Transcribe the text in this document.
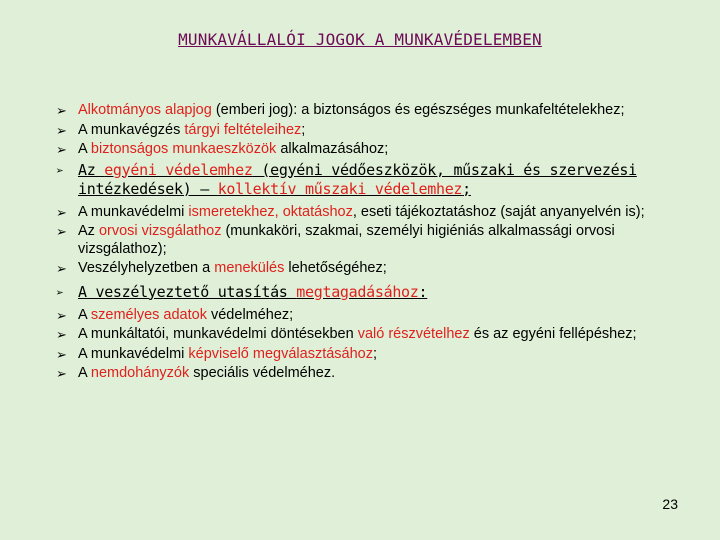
MUNKAVÁLLALÓI JOGOK A MUNKAVÉDELEMBEN
➢ Alkotmányos alapjog (emberi jog): a biztonságos és egészséges munkafeltételekhez;
➢ A munkavégzés tárgyi feltételeihez;
➢ A biztonságos munkaeszközök alkalmazásához;
➢ Az egyéni védelemhez (egyéni védőeszközök, műszaki és szervezési intézkedések) – kollektív műszaki védelemhez;
➢ A munkavédelmi ismeretekhez, oktatáshoz, eseti tájékoztatáshoz (saját anyanyelvén is);
➢ Az orvosi vizsgálathoz (munkaköri, szakmai, személyi higiéniás alkalmassági orvosi vizsgálathoz);
➢ Veszélyhelyzetben a menekülés lehetőségéhez;
➢ A veszélyeztető utasítás megtagadásához:
➢ A személyes adatok védelméhez;
➢ A munkáltatói, munkavédelmi döntésekben való részvételhez és az egyéni fellépéshez;
➢ A munkavédelmi képviselő megválasztásához;
➢ A nemdohányzók speciális védelméhez.
23
